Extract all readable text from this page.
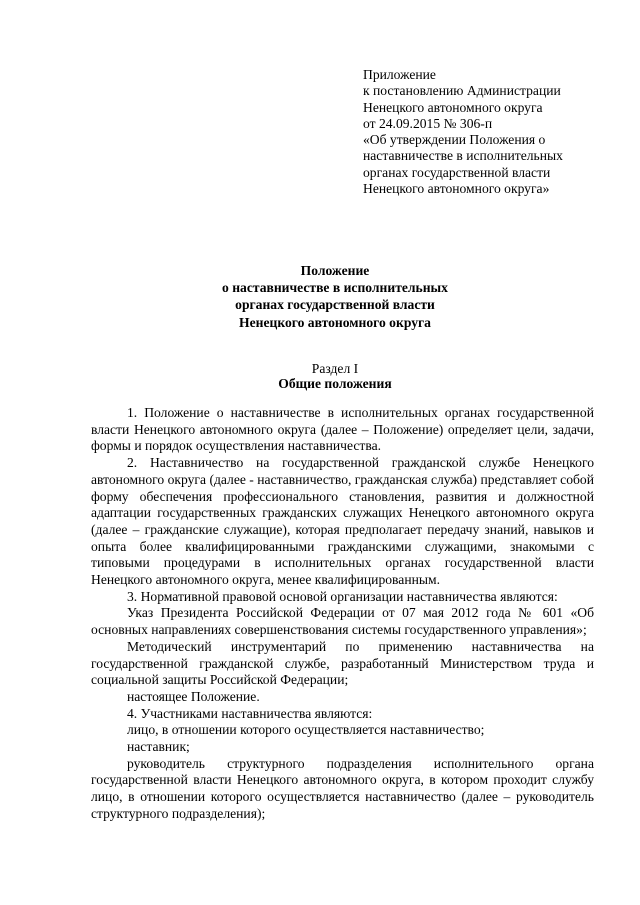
Приложение
к постановлению Администрации
Ненецкого автономного округа
от 24.09.2015 № 306-п
«Об утверждении Положения о
наставничестве в исполнительных
органах государственной власти
Ненецкого автономного округа»
Положение
о наставничестве в исполнительных
органах государственной власти
Ненецкого автономного округа
Раздел I
Общие положения

1. Положение о наставничестве в исполнительных органах государственной власти Ненецкого автономного округа (далее – Положение) определяет цели, задачи, формы и порядок осуществления наставничества.

2. Наставничество на государственной гражданской службе Ненецкого автономного округа (далее - наставничество, гражданская служба) представляет собой форму обеспечения профессионального становления, развития и должностной адаптации государственных гражданских служащих Ненецкого автономного округа (далее – гражданские служащие), которая предполагает передачу знаний, навыков и опыта более квалифицированными гражданскими служащими, знакомыми с типовыми процедурами в исполнительных органах государственной власти Ненецкого автономного округа, менее квалифицированным.

3. Нормативной правовой основой организации наставничества являются:

Указ Президента Российской Федерации от 07 мая 2012 года № 601 «Об основных направлениях совершенствования системы государственного управления»;

Методический инструментарий по применению наставничества на государственной гражданской службе, разработанный Министерством труда и социальной защиты Российской Федерации;

настоящее Положение.

4. Участниками наставничества являются:

лицо, в отношении которого осуществляется наставничество;

наставник;

руководитель структурного подразделения исполнительного органа государственной власти Ненецкого автономного округа, в котором проходит службу лицо, в отношении которого осуществляется наставничество (далее – руководитель структурного подразделения);
